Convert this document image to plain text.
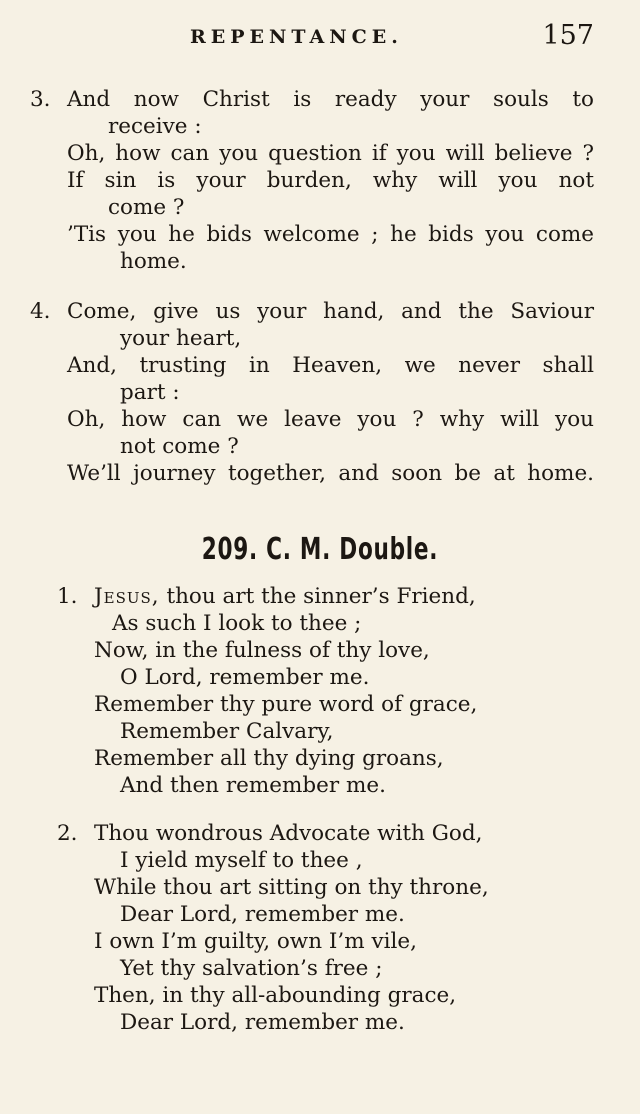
REPENTANCE.	157
3. And now Christ is ready your souls to
receive :
Oh, how can you question if you will believe ?
If sin is your burden, why will you not
come ?
’Tis you he bids welcome ; he bids you come
home.
4. Come, give us your hand, and the Saviour
your heart,
And, trusting in Heaven, we never shall
part :
Oh, how can we leave you ? why will you
not come ?
We’ll journey together, and soon be at home.
209. C. M. Double.
1. Jesus, thou art the sinner’s Friend,
As such I look to thee ;
Now, in the fulness of thy love,
O Lord, remember me.
Remember thy pure word of grace,
Remember Calvary,
Remember all thy dying groans,
And then remember me.
2. Thou wondrous Advocate with God,
I yield myself to thee ,
While thou art sitting on thy throne,
Dear Lord, remember me.
I own I’m guilty, own I’m vile,
Yet thy salvation’s free ;
Then, in thy all-abounding grace,
Dear Lord, remember me.
